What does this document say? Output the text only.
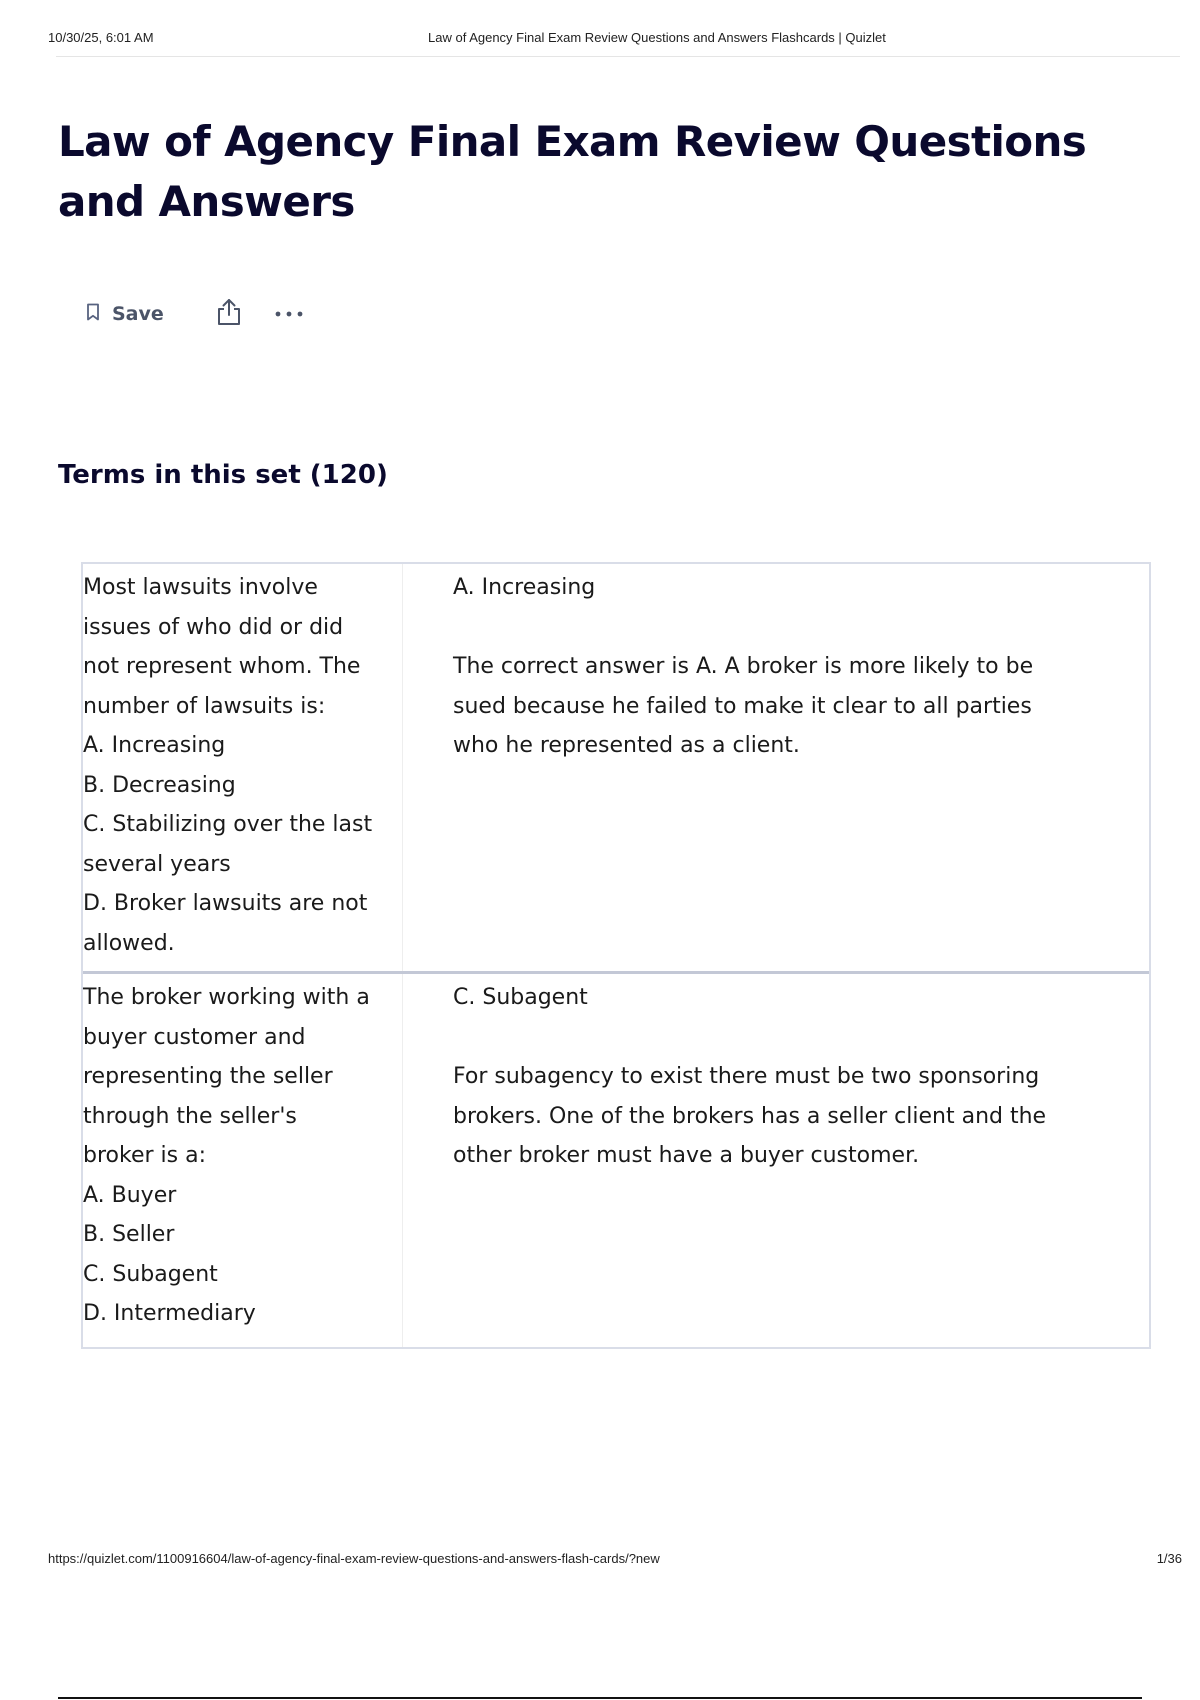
10/30/25, 6:01 AM	Law of Agency Final Exam Review Questions and Answers Flashcards | Quizlet
Law of Agency Final Exam Review Questions and Answers
Save
Terms in this set (120)
Most lawsuits involve
issues of who did or did
not represent whom. The
number of lawsuits is:
A. Increasing
B. Decreasing
C. Stabilizing over the last
several years
D. Broker lawsuits are not
allowed.
A. Increasing
The correct answer is A. A broker is more likely to be
sued because he failed to make it clear to all parties
who he represented as a client.
The broker working with a
buyer customer and
representing the seller
through the seller's
broker is a:
A. Buyer
B. Seller
C. Subagent
D. Intermediary
C. Subagent
For subagency to exist there must be two sponsoring
brokers. One of the brokers has a seller client and the
other broker must have a buyer customer.
https://quizlet.com/1100916604/law-of-agency-final-exam-review-questions-and-answers-flash-cards/?new	1/36
